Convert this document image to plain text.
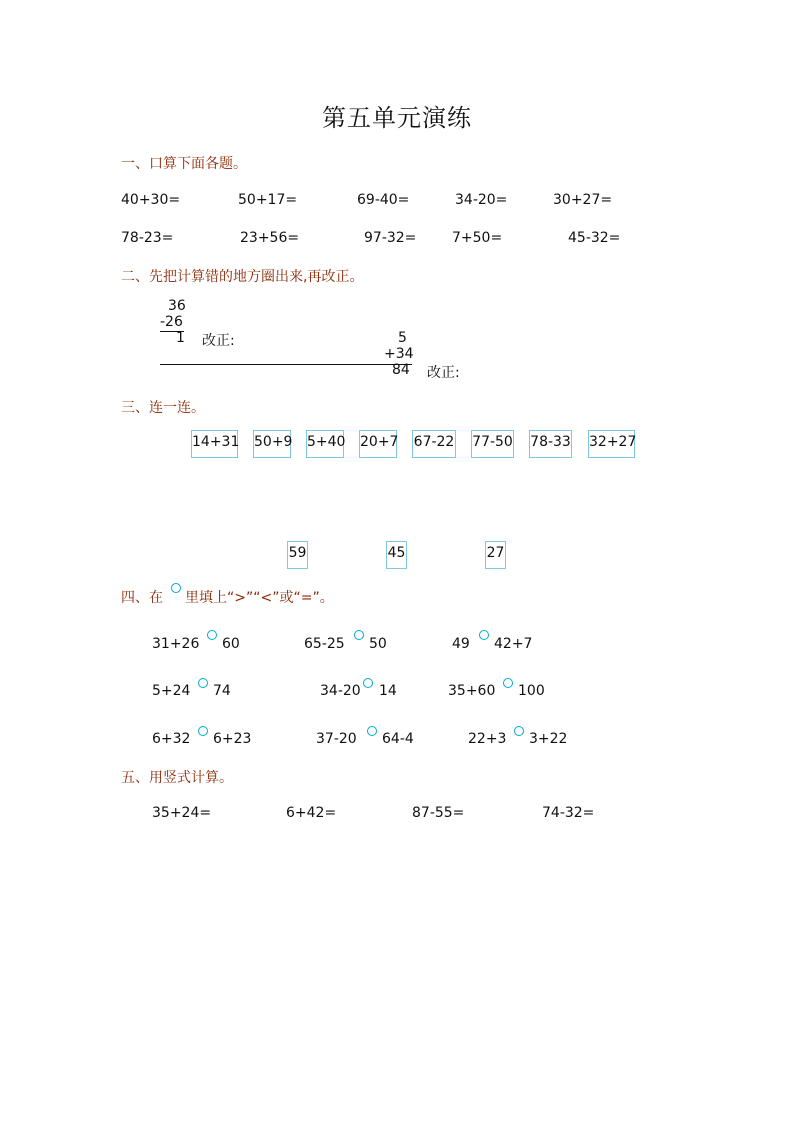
第五单元演练
一、口算下面各题。
40+30=	50+17=	69-40=	34-20=	30+27=
78-23=	23+56=	97-32=	7+50=	45-32=
二、先把计算错的地方圈出来,再改正。
36
-26
1 改正:	5
+34
84 改正:
三、连一连。
14+31 50+9 5+40 20+7 67-22 77-50 78-33 32+27
59	45	27
四、在 里填上“>”“<”或“=”。
31+26 60	65-25 50	49 42+7
5+24 74	34-20 14	35+60 100
6+32 6+23	37-20 64-4	22+3 3+22
五、用竖式计算。
35+24=	6+42=	87-55=	74-32=
